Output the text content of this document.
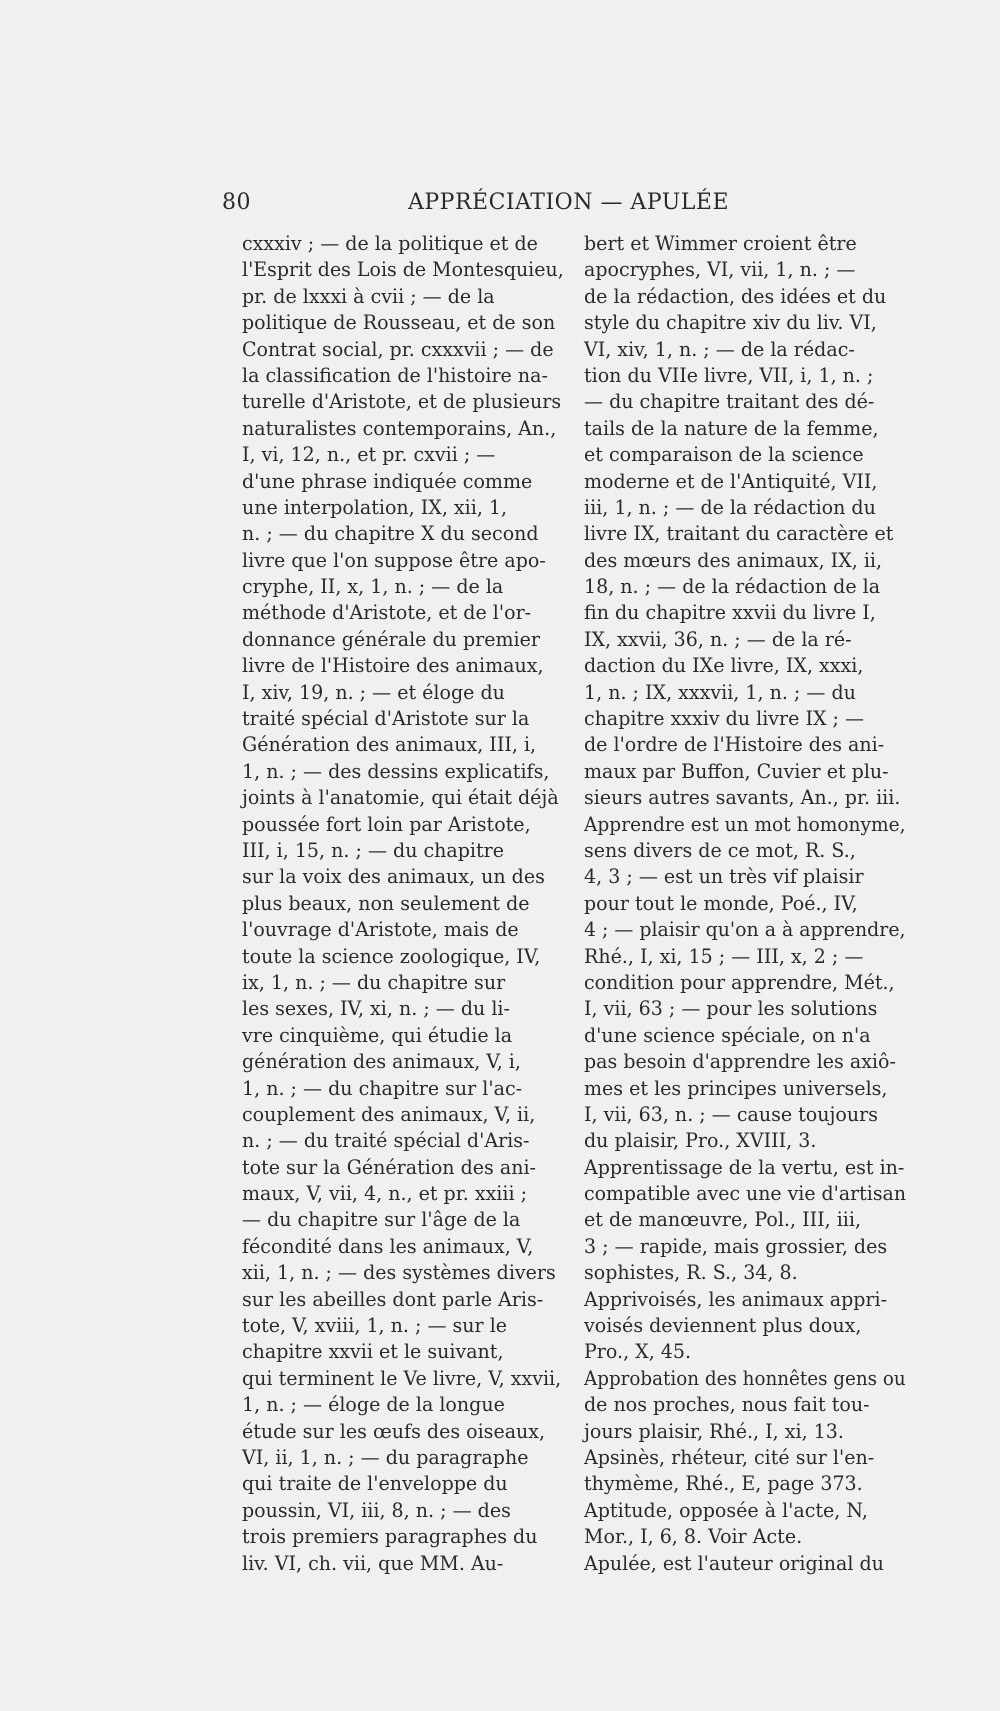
80	APPRÉCIATION — APULÉE
cxxxiv ; — de la politique et de
l'Esprit des Lois de Montesquieu,
pr. de lxxxi à cvii ; — de la
politique de Rousseau, et de son
Contrat social, pr. cxxxvii ; — de
la classification de l'histoire na-
turelle d'Aristote, et de plusieurs
naturalistes contemporains, An.,
I, vi, 12, n., et pr. cxvii ; —
d'une phrase indiquée comme
une interpolation, IX, xii, 1,
n. ; — du chapitre X du second
livre que l'on suppose être apo-
cryphe, II, x, 1, n. ; — de la
méthode d'Aristote, et de l'or-
donnance générale du premier
livre de l'Histoire des animaux,
I, xiv, 19, n. ; — et éloge du
traité spécial d'Aristote sur la
Génération des animaux, III, i,
1, n. ; — des dessins explicatifs,
joints à l'anatomie, qui était déjà
poussée fort loin par Aristote,
III, i, 15, n. ; — du chapitre
sur la voix des animaux, un des
plus beaux, non seulement de
l'ouvrage d'Aristote, mais de
toute la science zoologique, IV,
ix, 1, n. ; — du chapitre sur
les sexes, IV, xi, n. ; — du li-
vre cinquième, qui étudie la
génération des animaux, V, i,
1, n. ; — du chapitre sur l'ac-
couplement des animaux, V, ii,
n. ; — du traité spécial d'Aris-
tote sur la Génération des ani-
maux, V, vii, 4, n., et pr. xxiii ;
— du chapitre sur l'âge de la
fécondité dans les animaux, V,
xii, 1, n. ; — des systèmes divers
sur les abeilles dont parle Aris-
tote, V, xviii, 1, n. ; — sur le
chapitre xxvii et le suivant,
qui terminent le Ve livre, V, xxvii,
1, n. ; — éloge de la longue
étude sur les œufs des oiseaux,
VI, ii, 1, n. ; — du paragraphe
qui traite de l'enveloppe du
poussin, VI, iii, 8, n. ; — des
trois premiers paragraphes du
liv. VI, ch. vii, que MM. Au-
bert et Wimmer croient être
apocryphes, VI, vii, 1, n. ; —
de la rédaction, des idées et du
style du chapitre xiv du liv. VI,
VI, xiv, 1, n. ; — de la rédac-
tion du VIIe livre, VII, i, 1, n. ;
— du chapitre traitant des dé-
tails de la nature de la femme,
et comparaison de la science
moderne et de l'Antiquité, VII,
iii, 1, n. ; — de la rédaction du
livre IX, traitant du caractère et
des mœurs des animaux, IX, ii,
18, n. ; — de la rédaction de la
fin du chapitre xxvii du livre I,
IX, xxvii, 36, n. ; — de la ré-
daction du IXe livre, IX, xxxi,
1, n. ; IX, xxxvii, 1, n. ; — du
chapitre xxxiv du livre IX ; —
de l'ordre de l'Histoire des ani-
maux par Buffon, Cuvier et plu-
sieurs autres savants, An., pr. iii.
Apprendre est un mot homonyme,
sens divers de ce mot, R. S.,
4, 3 ; — est un très vif plaisir
pour tout le monde, Poé., IV,
4 ; — plaisir qu'on a à apprendre,
Rhé., I, xi, 15 ; — III, x, 2 ; —
condition pour apprendre, Mét.,
I, vii, 63 ; — pour les solutions
d'une science spéciale, on n'a
pas besoin d'apprendre les axiô-
mes et les principes universels,
I, vii, 63, n. ; — cause toujours
du plaisir, Pro., XVIII, 3.
Apprentissage de la vertu, est in-
compatible avec une vie d'artisan
et de manœuvre, Pol., III, iii,
3 ; — rapide, mais grossier, des
sophistes, R. S., 34, 8.
Apprivoisés, les animaux appri-
voisés deviennent plus doux,
Pro., X, 45.
Approbation des honnêtes gens ou
de nos proches, nous fait tou-
jours plaisir, Rhé., I, xi, 13.
Apsinès, rhéteur, cité sur l'en-
thymème, Rhé., E, page 373.
Aptitude, opposée à l'acte, N,
Mor., I, 6, 8. Voir Acte.
Apulée, est l'auteur original du
